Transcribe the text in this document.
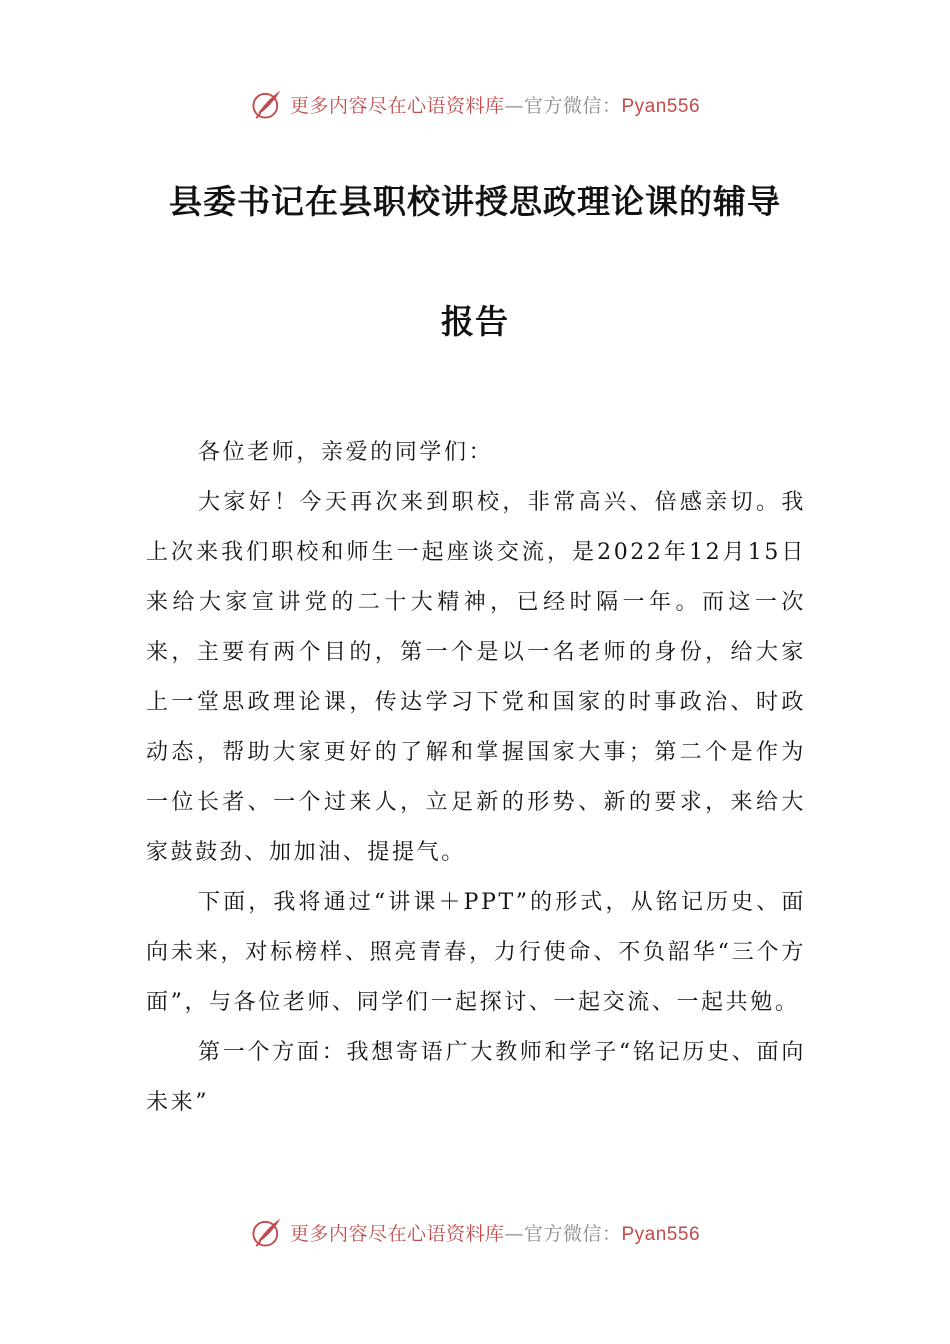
更多内容尽在心语资料库—官方微信：Pyan556
县委书记在县职校讲授思政理论课的辅导
报告

各位老师，亲爱的同学们：

大家好！今天再次来到职校，非常高兴、倍感亲切。我上次来我们职校和师生一起座谈交流，是2022年12月15日来给大家宣讲党的二十大精神，已经时隔一年。而这一次来，主要有两个目的，第一个是以一名老师的身份，给大家上一堂思政理论课，传达学习下党和国家的时事政治、时政动态，帮助大家更好的了解和掌握国家大事；第二个是作为一位长者、一个过来人，立足新的形势、新的要求，来给大家鼓鼓劲、加加油、提提气。

下面，我将通过“讲课＋PPT”的形式，从铭记历史、面向未来，对标榜样、照亮青春，力行使命、不负韶华“三个方面”，与各位老师、同学们一起探讨、一起交流、一起共勉。

第一个方面：我想寄语广大教师和学子“铭记历史、面向未来”

更多内容尽在心语资料库—官方微信：Pyan556
